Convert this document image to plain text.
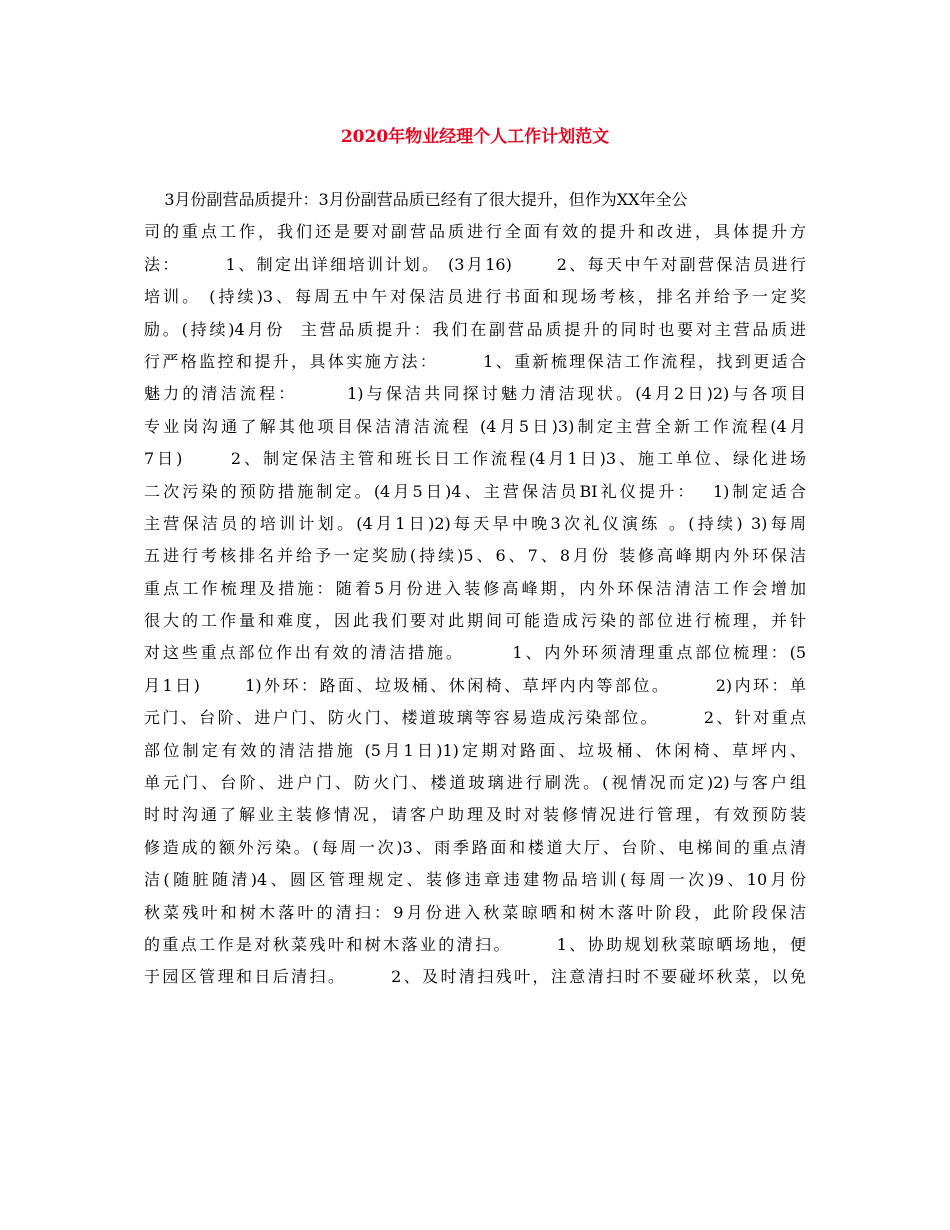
2020年物业经理个人工作计划范文
3月份副营品质提升：3月份副营品质已经有了很大提升，但作为XX年全公
司的重点工作，我们还是要对副营品质进行全面有效的提升和改进，具体提升方
法：      1、制定出详细培训计划。 (3月16)      2、每天中午对副营保洁员进行
培训。 (持续)3、每周五中午对保洁员进行书面和现场考核，排名并给予一定奖
励。(持续)4月份  主营品质提升：我们在副营品质提升的同时也要对主营品质进
行严格监控和提升，具体实施方法：      1、重新梳理保洁工作流程，找到更适合
魅力的清洁流程：      1)与保洁共同探讨魅力清洁现状。(4月2日)2)与各项目
专业岗沟通了解其他项目保洁清洁流程 (4月5日)3)制定主营全新工作流程(4月
7日)      2、制定保洁主管和班长日工作流程(4月1日)3、施工单位、绿化进场
二次污染的预防措施制定。(4月5日)4、主营保洁员BI礼仪提升：  1)制定适合
主营保洁员的培训计划。(4月1日)2)每天早中晚3次礼仪演练 。(持续) 3)每周
五进行考核排名并给予一定奖励(持续)5、6、7、8月份 装修高峰期内外环保洁
重点工作梳理及措施：随着5月份进入装修高峰期，内外环保洁清洁工作会增加
很大的工作量和难度，因此我们要对此期间可能造成污染的部位进行梳理，并针
对这些重点部位作出有效的清洁措施。      1、内外环须清理重点部位梳理：(5
月1日)      1)外环：路面、垃圾桶、休闲椅、草坪内内等部位。      2)内环：单
元门、台阶、进户门、防火门、楼道玻璃等容易造成污染部位。      2、针对重点
部位制定有效的清洁措施 (5月1日)1)定期对路面、垃圾桶、休闲椅、草坪内、
单元门、台阶、进户门、防火门、楼道玻璃进行刷洗。(视情况而定)2)与客户组
时时沟通了解业主装修情况，请客户助理及时对装修情况进行管理，有效预防装
修造成的额外污染。(每周一次)3、雨季路面和楼道大厅、台阶、电梯间的重点清
洁(随脏随清)4、圆区管理规定、装修违章违建物品培训(每周一次)9、10月份
秋菜残叶和树木落叶的清扫：9月份进入秋菜晾晒和树木落叶阶段，此阶段保洁
的重点工作是对秋菜残叶和树木落业的清扫。      1、协助规划秋菜晾晒场地，便
于园区管理和日后清扫。      2、及时清扫残叶，注意清扫时不要碰坏秋菜，以免
